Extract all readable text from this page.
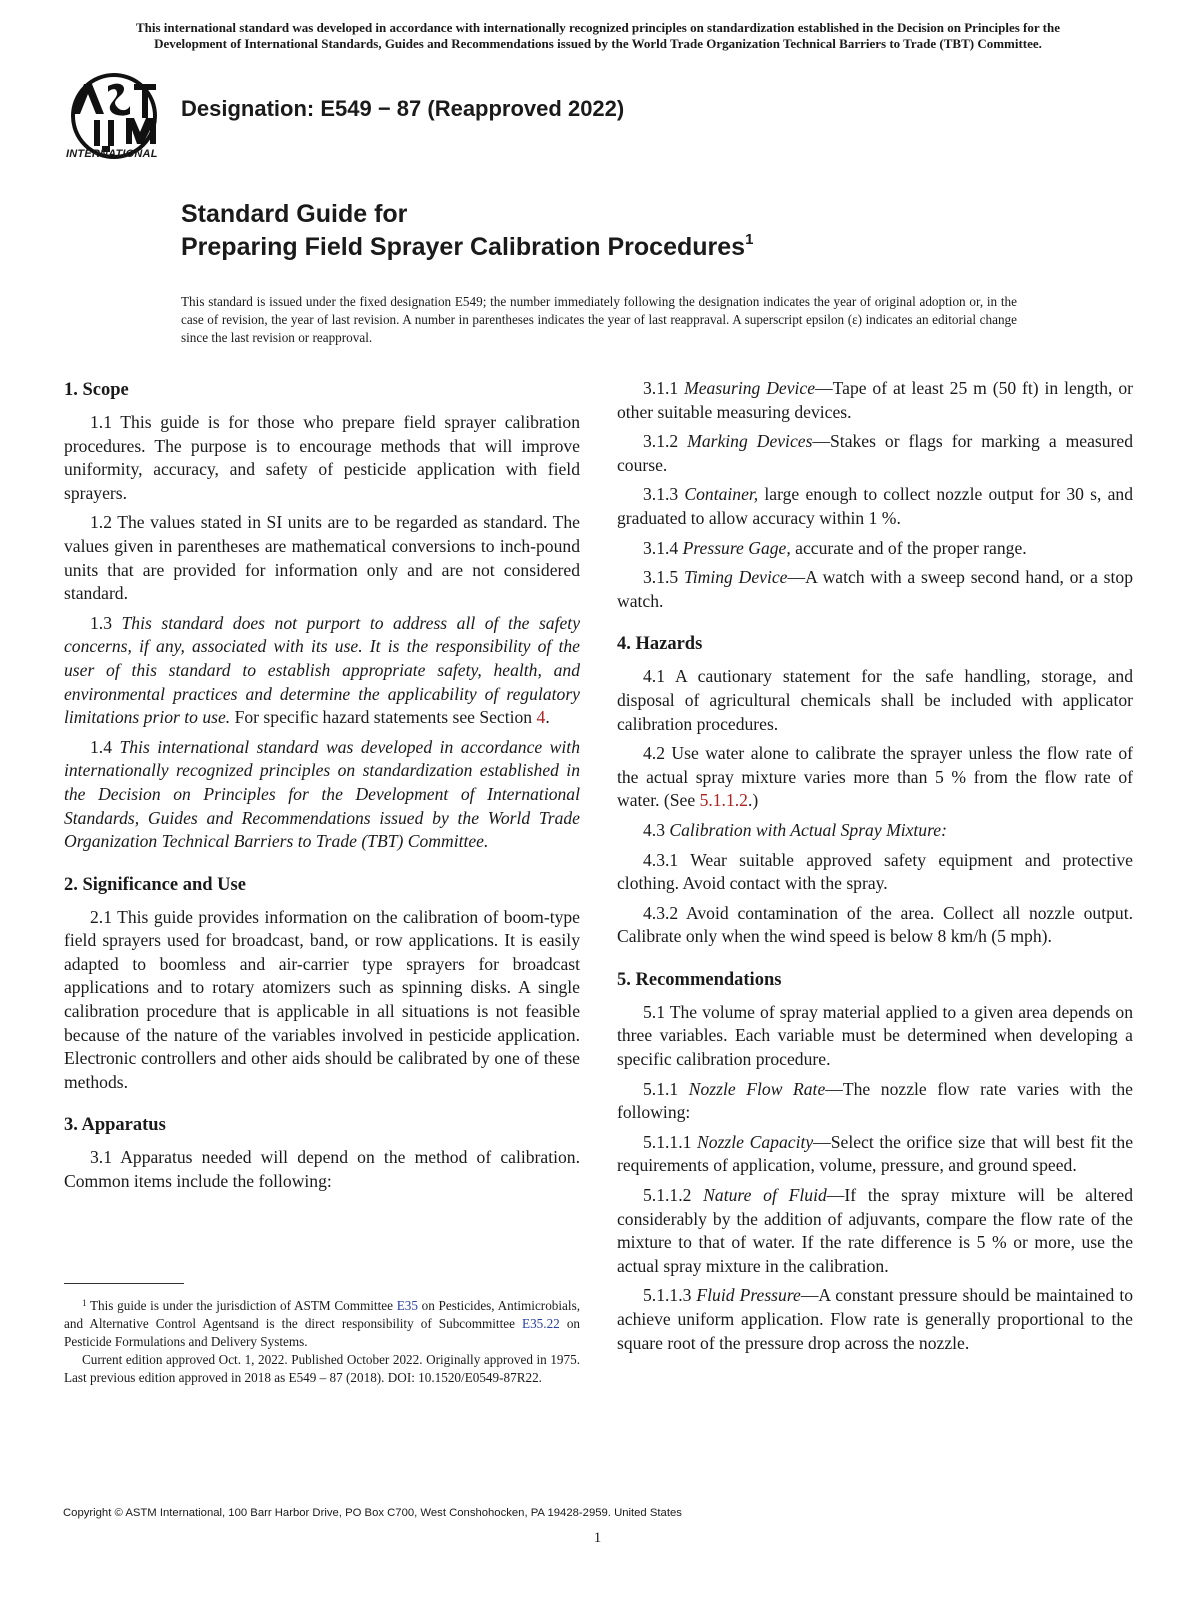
This international standard was developed in accordance with internationally recognized principles on standardization established in the Decision on Principles for the
Development of International Standards, Guides and Recommendations issued by the World Trade Organization Technical Barriers to Trade (TBT) Committee.
INTERNATIONAL
Designation: E549 − 87 (Reapproved 2022)
Standard Guide for
Preparing Field Sprayer Calibration Procedures$^1$
This standard is issued under the fixed designation E549; the number immediately following the designation indicates the year of original adoption or, in the case of revision, the year of last revision. A number in parentheses indicates the year of last reappraval. A superscript epsilon (ε) indicates an editorial change since the last revision or reapproval.
1. Scope

1.1 This guide is for those who prepare field sprayer calibration procedures. The purpose is to encourage methods that will improve uniformity, accuracy, and safety of pesticide application with field sprayers.

1.2 The values stated in SI units are to be regarded as standard. The values given in parentheses are mathematical conversions to inch-pound units that are provided for information only and are not considered standard.

1.3 This standard does not purport to address all of the safety concerns, if any, associated with its use. It is the responsibility of the user of this standard to establish appropriate safety, health, and environmental practices and determine the applicability of regulatory limitations prior to use. For specific hazard statements see Section 4.

1.4 This international standard was developed in accordance with internationally recognized principles on standardization established in the Decision on Principles for the Development of International Standards, Guides and Recommendations issued by the World Trade Organization Technical Barriers to Trade (TBT) Committee.

2. Significance and Use

2.1 This guide provides information on the calibration of boom-type field sprayers used for broadcast, band, or row applications. It is easily adapted to boomless and air-carrier type sprayers for broadcast applications and to rotary atomizers such as spinning disks. A single calibration procedure that is applicable in all situations is not feasible because of the nature of the variables involved in pesticide application. Electronic controllers and other aids should be calibrated by one of these methods.

3. Apparatus

3.1 Apparatus needed will depend on the method of calibration. Common items include the following:

3.1.1 Measuring Device—Tape of at least 25 m (50 ft) in length, or other suitable measuring devices.

3.1.2 Marking Devices—Stakes or flags for marking a measured course.

3.1.3 Container, large enough to collect nozzle output for 30 s, and graduated to allow accuracy within 1 %.

3.1.4 Pressure Gage, accurate and of the proper range.

3.1.5 Timing Device—A watch with a sweep second hand, or a stop watch.

4. Hazards

4.1 A cautionary statement for the safe handling, storage, and disposal of agricultural chemicals shall be included with applicator calibration procedures.

4.2 Use water alone to calibrate the sprayer unless the flow rate of the actual spray mixture varies more than 5 % from the flow rate of water. (See 5.1.1.2.)

4.3 Calibration with Actual Spray Mixture:

4.3.1 Wear suitable approved safety equipment and protective clothing. Avoid contact with the spray.

4.3.2 Avoid contamination of the area. Collect all nozzle output. Calibrate only when the wind speed is below 8 km/h (5 mph).

5. Recommendations

5.1 The volume of spray material applied to a given area depends on three variables. Each variable must be determined when developing a specific calibration procedure.

5.1.1 Nozzle Flow Rate—The nozzle flow rate varies with the following:

5.1.1.1 Nozzle Capacity—Select the orifice size that will best fit the requirements of application, volume, pressure, and ground speed.

5.1.1.2 Nature of Fluid—If the spray mixture will be altered considerably by the addition of adjuvants, compare the flow rate of the mixture to that of water. If the rate difference is 5 % or more, use the actual spray mixture in the calibration.

5.1.1.3 Fluid Pressure—A constant pressure should be maintained to achieve uniform application. Flow rate is generally proportional to the square root of the pressure drop across the nozzle.

$^1$ This guide is under the jurisdiction of ASTM Committee E35 on Pesticides, Antimicrobials, and Alternative Control Agentsand is the direct responsibility of Subcommittee E35.22 on Pesticide Formulations and Delivery Systems.

Current edition approved Oct. 1, 2022. Published October 2022. Originally approved in 1975. Last previous edition approved in 2018 as E549 – 87 (2018). DOI: 10.1520/E0549-87R22.

Copyright © ASTM International, 100 Barr Harbor Drive, PO Box C700, West Conshohocken, PA 19428-2959. United States
1
